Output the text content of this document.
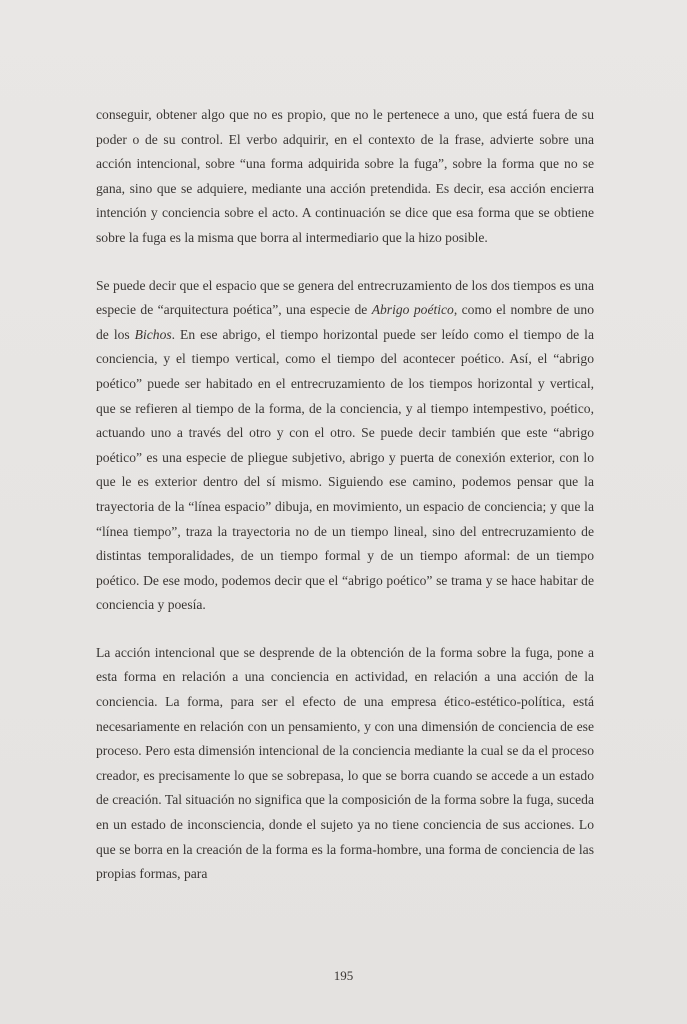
conseguir, obtener algo que no es propio, que no le pertenece a uno, que está fuera de su poder o de su control. El verbo adquirir, en el contexto de la frase, advierte sobre una acción intencional, sobre “una forma adquirida sobre la fuga”, sobre la forma que no se gana, sino que se adquiere, mediante una acción pretendida. Es decir, esa acción encierra intención y conciencia sobre el acto. A continuación se dice que esa forma que se obtiene sobre la fuga es la misma que borra al intermediario que la hizo posible.

Se puede decir que el espacio que se genera del entrecruzamiento de los dos tiempos es una especie de “arquitectura poética”, una especie de Abrigo poético, como el nombre de uno de los Bichos. En ese abrigo, el tiempo horizontal puede ser leído como el tiempo de la conciencia, y el tiempo vertical, como el tiempo del acontecer poético. Así, el “abrigo poético” puede ser habitado en el entrecruzamiento de los tiempos horizontal y vertical, que se refieren al tiempo de la forma, de la conciencia, y al tiempo intempestivo, poético, actuando uno a través del otro y con el otro. Se puede decir también que este “abrigo poético” es una especie de pliegue subjetivo, abrigo y puerta de conexión exterior, con lo que le es exterior dentro del sí mismo. Siguiendo ese camino, podemos pensar que la trayectoria de la “línea espacio” dibuja, en movimiento, un espacio de conciencia; y que la “línea tiempo”, traza la trayectoria no de un tiempo lineal, sino del entrecruzamiento de distintas temporalidades, de un tiempo formal y de un tiempo aformal: de un tiempo poético. De ese modo, podemos decir que el “abrigo poético” se trama y se hace habitar de conciencia y poesía.

La acción intencional que se desprende de la obtención de la forma sobre la fuga, pone a esta forma en relación a una conciencia en actividad, en relación a una acción de la conciencia. La forma, para ser el efecto de una empresa ético-estético-política, está necesariamente en relación con un pensamiento, y con una dimensión de conciencia de ese proceso. Pero esta dimensión intencional de la conciencia mediante la cual se da el proceso creador, es precisamente lo que se sobrepasa, lo que se borra cuando se accede a un estado de creación. Tal situación no significa que la composición de la forma sobre la fuga, suceda en un estado de inconsciencia, donde el sujeto ya no tiene conciencia de sus acciones. Lo que se borra en la creación de la forma es la forma-hombre, una forma de conciencia de las propias formas, para

195
